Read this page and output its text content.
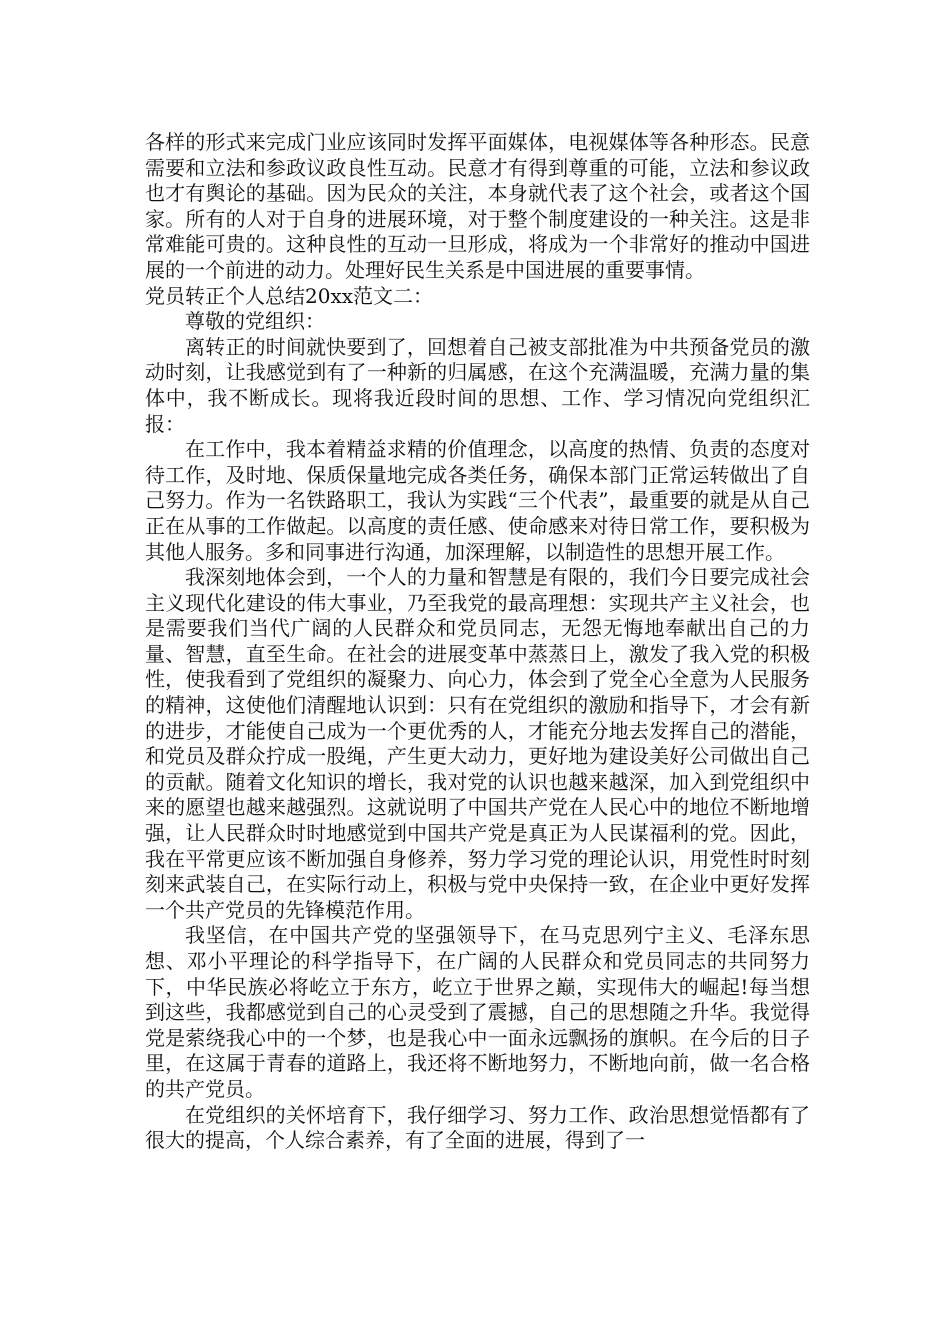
各样的形式来完成门业应该同时发挥平面媒体，电视媒体等各种形态。民意需要和立法和参政议政良性互动。民意才有得到尊重的可能，立法和参议政也才有舆论的基础。因为民众的关注，本身就代表了这个社会，或者这个国家。所有的人对于自身的进展环境，对于整个制度建设的一种关注。这是非常难能可贵的。这种良性的互动一旦形成，将成为一个非常好的推动中国进展的一个前进的动力。处理好民生关系是中国进展的重要事情。

党员转正个人总结20xx范文二：

尊敬的党组织：

离转正的时间就快要到了，回想着自己被支部批准为中共预备党员的激动时刻，让我感觉到有了一种新的归属感，在这个充满温暖，充满力量的集体中，我不断成长。现将我近段时间的思想、工作、学习情况向党组织汇报：

在工作中，我本着精益求精的价值理念，以高度的热情、负责的态度对待工作，及时地、保质保量地完成各类任务，确保本部门正常运转做出了自己努力。作为一名铁路职工，我认为实践“三个代表”，最重要的就是从自己正在从事的工作做起。以高度的责任感、使命感来对待日常工作，要积极为其他人服务。多和同事进行沟通，加深理解，以制造性的思想开展工作。

我深刻地体会到，一个人的力量和智慧是有限的，我们今日要完成社会主义现代化建设的伟大事业，乃至我党的最高理想：实现共产主义社会，也是需要我们当代广阔的人民群众和党员同志，无怨无悔地奉献出自己的力量、智慧，直至生命。在社会的进展变革中蒸蒸日上，激发了我入党的积极性，使我看到了党组织的凝聚力、向心力，体会到了党全心全意为人民服务的精神，这使他们清醒地认识到：只有在党组织的激励和指导下，才会有新的进步，才能使自己成为一个更优秀的人，才能充分地去发挥自己的潜能，和党员及群众拧成一股绳，产生更大动力，更好地为建设美好公司做出自己的贡献。随着文化知识的增长，我对党的认识也越来越深，加入到党组织中来的愿望也越来越强烈。这就说明了中国共产党在人民心中的地位不断地增强，让人民群众时时地感觉到中国共产党是真正为人民谋福利的党。因此，我在平常更应该不断加强自身修养，努力学习党的理论认识，用党性时时刻刻来武装自己，在实际行动上，积极与党中央保持一致，在企业中更好发挥一个共产党员的先锋模范作用。

我坚信，在中国共产党的坚强领导下，在马克思列宁主义、毛泽东思想、邓小平理论的科学指导下，在广阔的人民群众和党员同志的共同努力下，中华民族必将屹立于东方，屹立于世界之巅，实现伟大的崛起!每当想到这些，我都感觉到自己的心灵受到了震撼，自己的思想随之升华。我觉得党是萦绕我心中的一个梦，也是我心中一面永远飘扬的旗帜。在今后的日子里，在这属于青春的道路上，我还将不断地努力，不断地向前，做一名合格的共产党员。

在党组织的关怀培育下，我仔细学习、努力工作、政治思想觉悟都有了很大的提高，个人综合素养，有了全面的进展，得到了一
